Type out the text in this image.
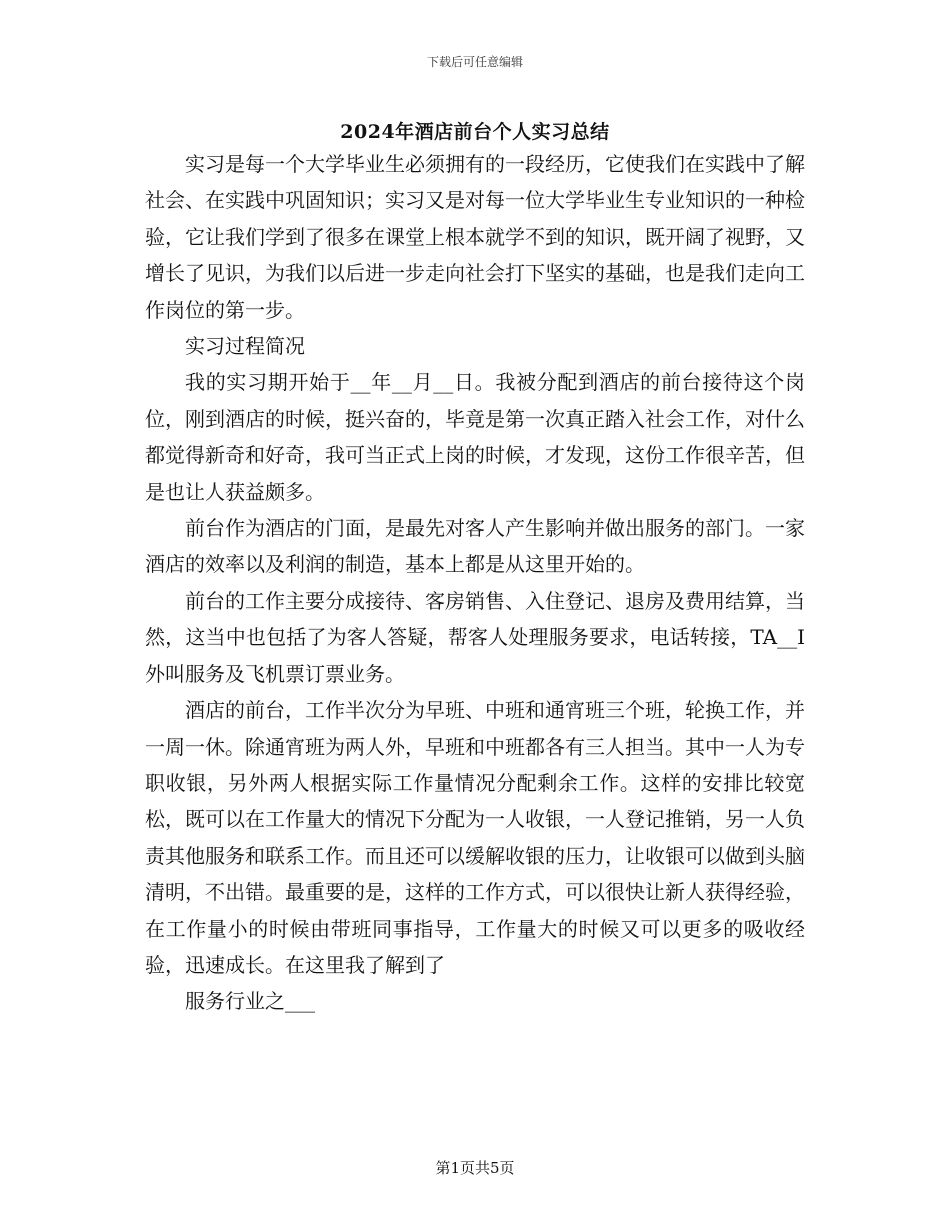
下载后可任意编辑
2024年酒店前台个人实习总结

实习是每一个大学毕业生必须拥有的一段经历，它使我们在实践中了解社会、在实践中巩固知识；实习又是对每一位大学毕业生专业知识的一种检验，它让我们学到了很多在课堂上根本就学不到的知识，既开阔了视野，又增长了见识，为我们以后进一步走向社会打下坚实的基础，也是我们走向工作岗位的第一步。

实习过程简况

我的实习期开始于__年__月__日。我被分配到酒店的前台接待这个岗位，刚到酒店的时候，挺兴奋的，毕竟是第一次真正踏入社会工作，对什么都觉得新奇和好奇，我可当正式上岗的时候，才发现，这份工作很辛苦，但是也让人获益颇多。

前台作为酒店的门面，是最先对客人产生影响并做出服务的部门。一家酒店的效率以及利润的制造，基本上都是从这里开始的。

前台的工作主要分成接待、客房销售、入住登记、退房及费用结算，当然，这当中也包括了为客人答疑，帮客人处理服务要求，电话转接，TA__I外叫服务及飞机票订票业务。

酒店的前台，工作半次分为早班、中班和通宵班三个班，轮换工作，并一周一休。除通宵班为两人外，早班和中班都各有三人担当。其中一人为专职收银，另外两人根据实际工作量情况分配剩余工作。这样的安排比较宽松，既可以在工作量大的情况下分配为一人收银，一人登记推销，另一人负责其他服务和联系工作。而且还可以缓解收银的压力，让收银可以做到头脑清明，不出错。最重要的是，这样的工作方式，可以很快让新人获得经验，在工作量小的时候由带班同事指导，工作量大的时候又可以更多的吸收经验，迅速成长。在这里我了解到了

服务行业之___

第1页共5页
